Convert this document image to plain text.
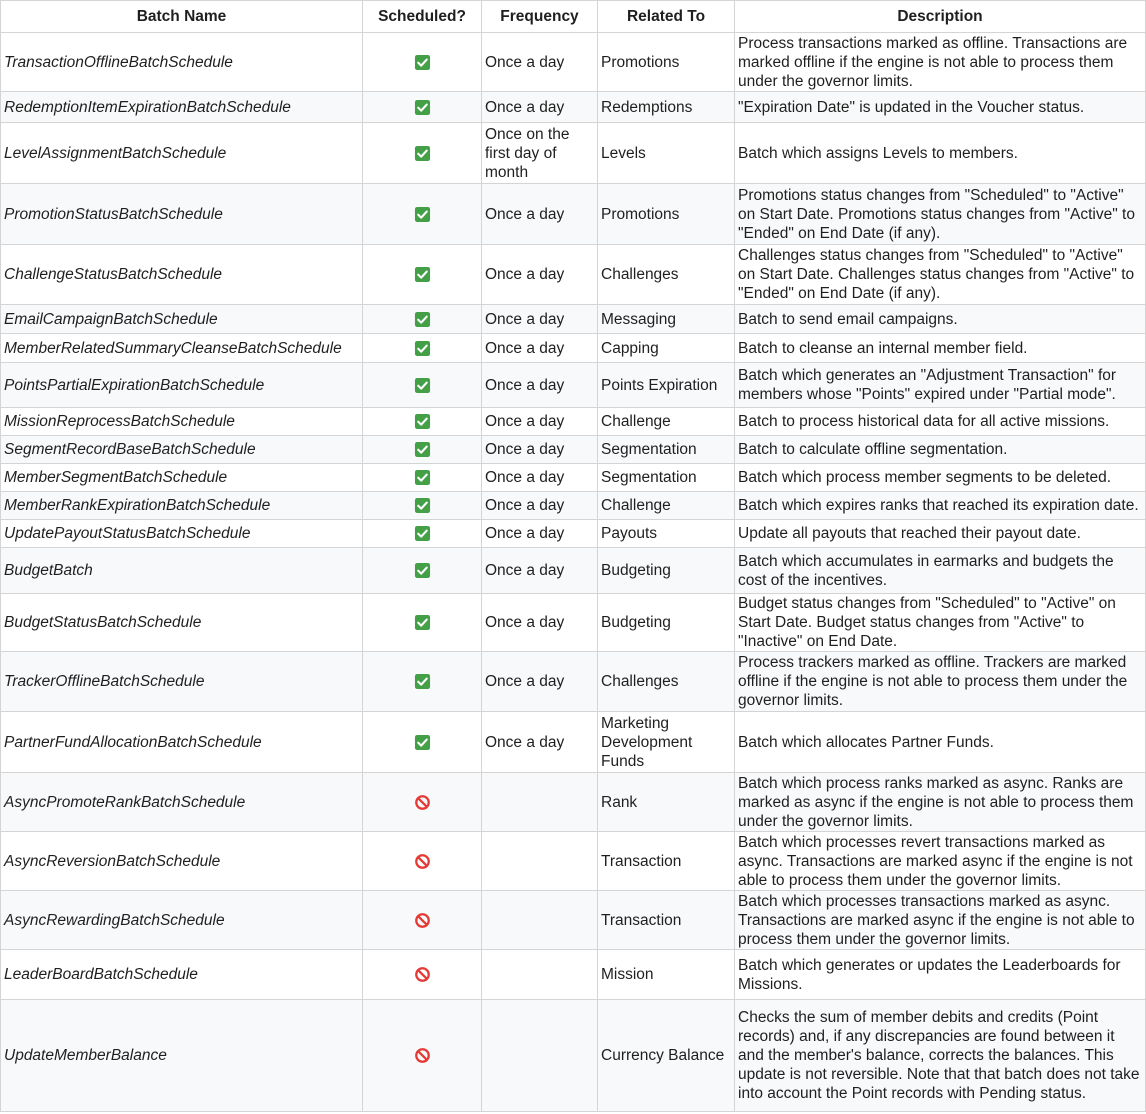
Batch Name	Scheduled?	Frequency	Related To	Description
TransactionOfflineBatchSchedule		Once a day	Promotions	Process transactions marked as offline. Transactions are marked offline if the engine is not able to process them under the governor limits.
RedemptionItemExpirationBatchSchedule		Once a day	Redemptions	"Expiration Date" is updated in the Voucher status.
LevelAssignmentBatchSchedule		Once on the first day of month	Levels	Batch which assigns Levels to members.
PromotionStatusBatchSchedule		Once a day	Promotions	Promotions status changes from "Scheduled" to "Active" on Start Date. Promotions status changes from "Active" to "Ended" on End Date (if any).
ChallengeStatusBatchSchedule		Once a day	Challenges	Challenges status changes from "Scheduled" to "Active" on Start Date. Challenges status changes from "Active" to "Ended" on End Date (if any).
EmailCampaignBatchSchedule		Once a day	Messaging	Batch to send email campaigns.
MemberRelatedSummaryCleanseBatchSchedule		Once a day	Capping	Batch to cleanse an internal member field.
PointsPartialExpirationBatchSchedule		Once a day	Points Expiration	Batch which generates an "Adjustment Transaction" for members whose "Points" expired under "Partial mode".
MissionReprocessBatchSchedule		Once a day	Challenge	Batch to process historical data for all active missions.
SegmentRecordBaseBatchSchedule		Once a day	Segmentation	Batch to calculate offline segmentation.
MemberSegmentBatchSchedule		Once a day	Segmentation	Batch which process member segments to be deleted.
MemberRankExpirationBatchSchedule		Once a day	Challenge	Batch which expires ranks that reached its expiration date.
UpdatePayoutStatusBatchSchedule		Once a day	Payouts	Update all payouts that reached their payout date.
BudgetBatch		Once a day	Budgeting	Batch which accumulates in earmarks and budgets the cost of the incentives.
BudgetStatusBatchSchedule		Once a day	Budgeting	Budget status changes from "Scheduled" to "Active" on Start Date. Budget status changes from "Active" to "Inactive" on End Date.
TrackerOfflineBatchSchedule		Once a day	Challenges	Process trackers marked as offline. Trackers are marked offline if the engine is not able to process them under the governor limits.
PartnerFundAllocationBatchSchedule		Once a day	Marketing Development Funds	Batch which allocates Partner Funds.
AsyncPromoteRankBatchSchedule			Rank	Batch which process ranks marked as async. Ranks are marked as async if the engine is not able to process them under the governor limits.
AsyncReversionBatchSchedule			Transaction	Batch which processes revert transactions marked as async. Transactions are marked async if the engine is not able to process them under the governor limits.
AsyncRewardingBatchSchedule			Transaction	Batch which processes transactions marked as async. Transactions are marked async if the engine is not able to process them under the governor limits.
LeaderBoardBatchSchedule			Mission	Batch which generates or updates the Leaderboards for Missions.
UpdateMemberBalance			Currency Balance	Checks the sum of member debits and credits (Point records) and, if any discrepancies are found between it and the member's balance, corrects the balances. This update is not reversible. Note that that batch does not take into account the Point records with Pending status.
